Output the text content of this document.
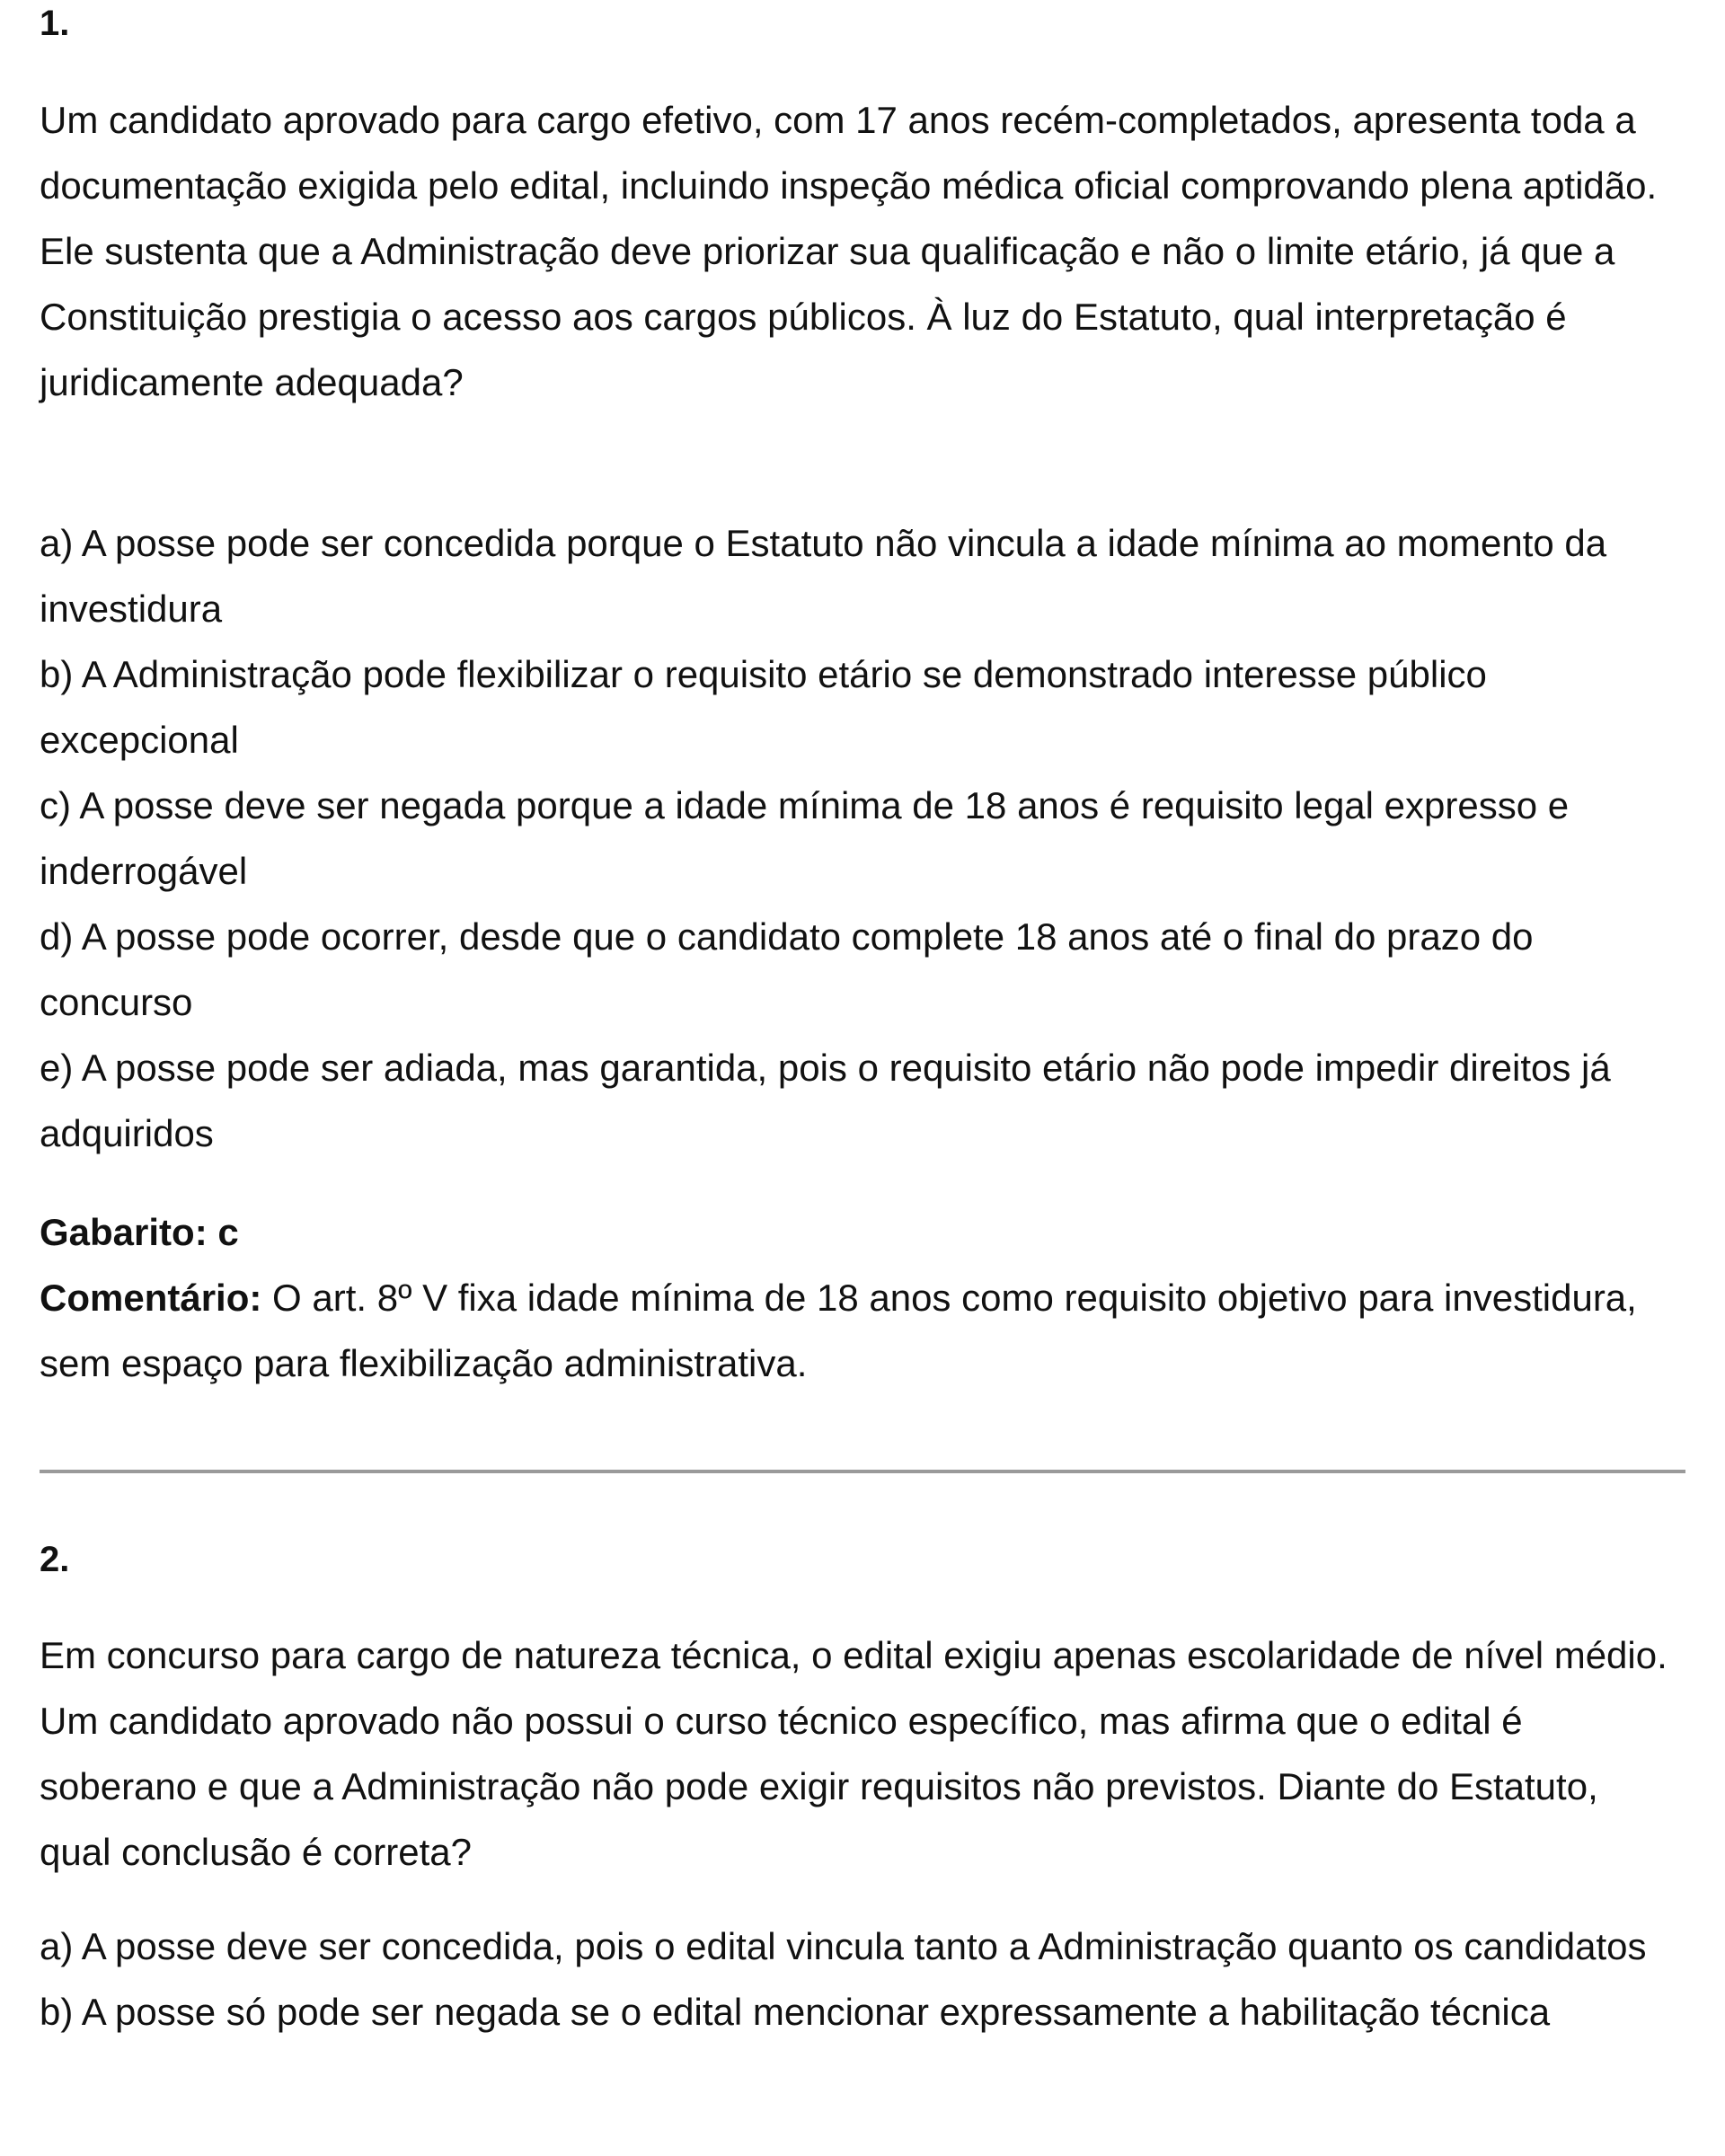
1.

Um candidato aprovado para cargo efetivo, com 17 anos recém-completados, apresenta toda a documentação exigida pelo edital, incluindo inspeção médica oficial comprovando plena aptidão. Ele sustenta que a Administração deve priorizar sua qualificação e não o limite etário, já que a Constituição prestigia o acesso aos cargos públicos. À luz do Estatuto, qual interpretação é juridicamente adequada?

a) A posse pode ser concedida porque o Estatuto não vincula a idade mínima ao momento da investidura
b) A Administração pode flexibilizar o requisito etário se demonstrado interesse público excepcional
c) A posse deve ser negada porque a idade mínima de 18 anos é requisito legal expresso e inderrogável
d) A posse pode ocorrer, desde que o candidato complete 18 anos até o final do prazo do concurso
e) A posse pode ser adiada, mas garantida, pois o requisito etário não pode impedir direitos já adquiridos

Gabarito: c

Comentário: O art. 8º V fixa idade mínima de 18 anos como requisito objetivo para investidura, sem espaço para flexibilização administrativa.

2.

Em concurso para cargo de natureza técnica, o edital exigiu apenas escolaridade de nível médio. Um candidato aprovado não possui o curso técnico específico, mas afirma que o edital é soberano e que a Administração não pode exigir requisitos não previstos. Diante do Estatuto, qual conclusão é correta?

a) A posse deve ser concedida, pois o edital vincula tanto a Administração quanto os candidatos
b) A posse só pode ser negada se o edital mencionar expressamente a habilitação técnica
